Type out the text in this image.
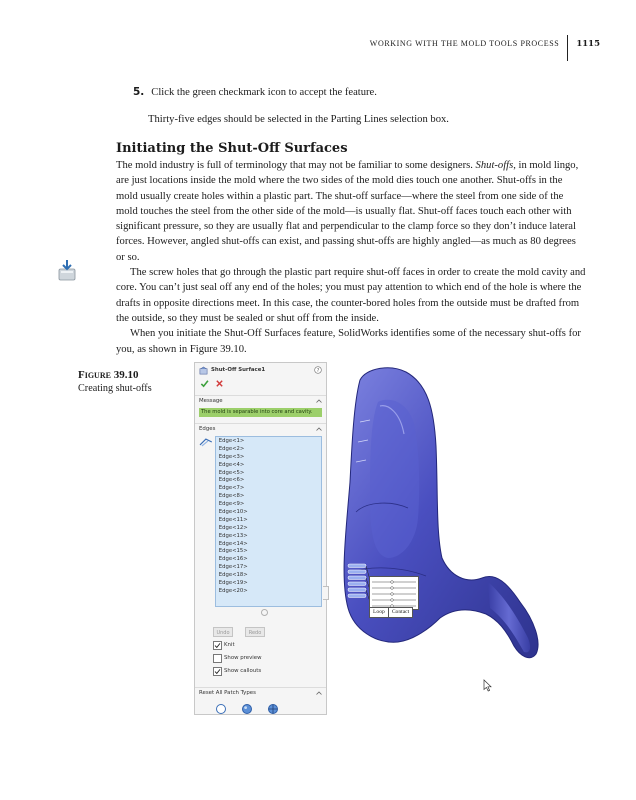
WORKING WITH THE MOLD TOOLS PROCESS	1115
5. Click the green checkmark icon to accept the feature.
Thirty-five edges should be selected in the Parting Lines selection box.
Initiating the Shut-Off Surfaces

The mold industry is full of terminology that may not be familiar to some designers. Shut-offs, in mold lingo, are just locations inside the mold where the two sides of the mold dies touch one another. Shut-offs in the mold usually create holes within a plastic part. The shut-off surface—where the steel from one side of the mold touches the steel from the other side of the mold—is usually flat. Shut-off faces touch each other with significant pressure, so they are usually flat and perpendicular to the clamp force so they don’t induce lateral forces. However, angled shut-offs can exist, and passing shut-offs are highly angled—as much as 80 degrees or so.

The screw holes that go through the plastic part require shut-off faces in order to create the mold cavity and core. You can’t just seal off any end of the holes; you must pay attention to which end of the hole is where the drafts in opposite directions meet. In this case, the counter-bored holes from the outside must be drafted from the outside, so they must be sealed or shut off from the inside.

When you initiate the Shut-Off Surfaces feature, SolidWorks identifies some of the necessary shut-offs for you, as shown in Figure 39.10.

Figure 39.10
Creating shut-offs
Shut-Off Surface1	?
Message
The mold is separable into core and cavity.
Edges
Edge<1>
Edge<2>
Edge<3>
Edge<4>
Edge<5>
Edge<6>
Edge<7>
Edge<8>
Edge<9>
Edge<10>
Edge<11>
Edge<12>
Edge<13>
Edge<14>
Edge<15>
Edge<16>
Edge<17>
Edge<18>
Edge<19>
Edge<20>
Undo	Redo
Knit
Show preview
Show callouts
Reset All Patch Types
Loop	Contact
